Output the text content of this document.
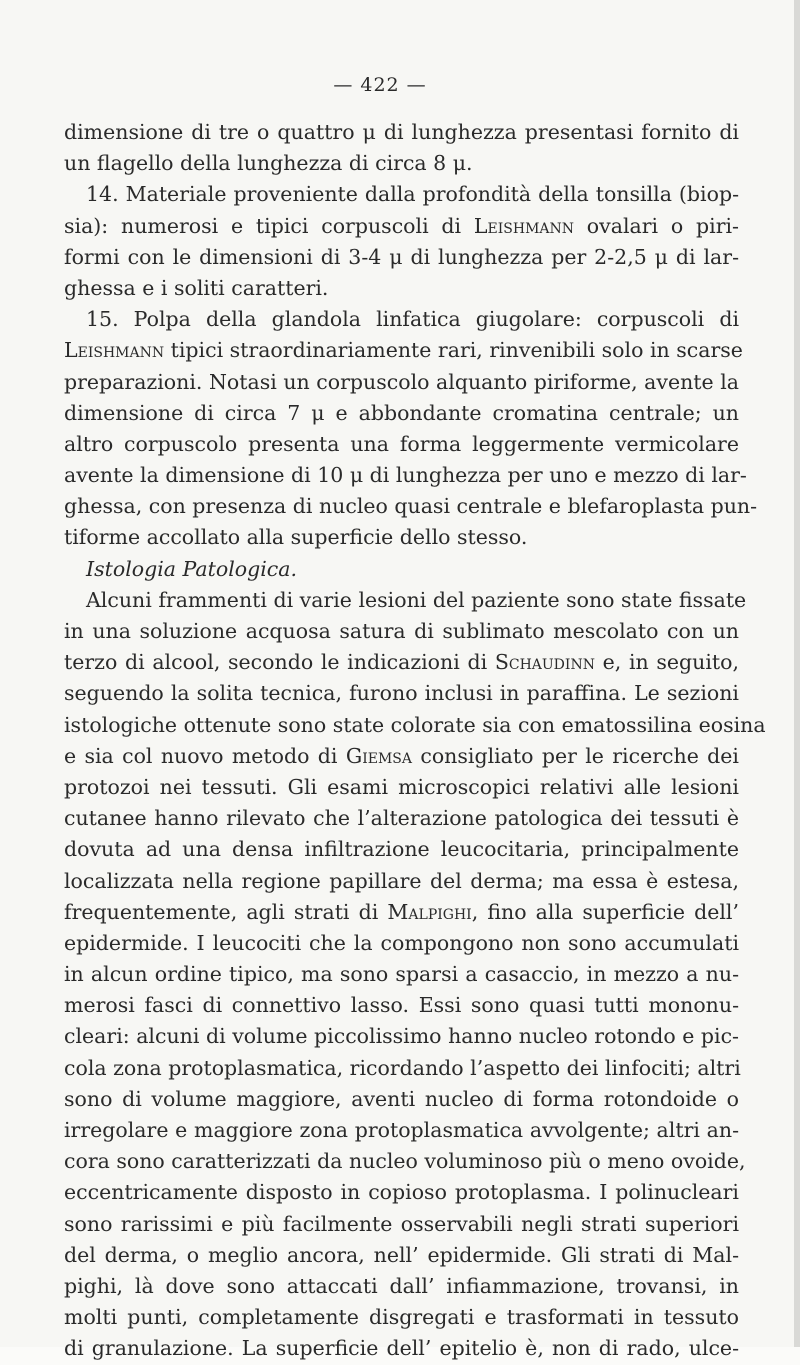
— 422 —
dimensione di tre o quattro μ di lunghezza presentasi fornito di
un flagello della lunghezza di circa 8 μ.
14. Materiale proveniente dalla profondità della tonsilla (biop-
sia): numerosi e tipici corpuscoli di Leishmann ovalari o piri-
formi con le dimensioni di 3-4 μ di lunghezza per 2-2,5 μ di lar-
ghessa e i soliti caratteri.
15. Polpa della glandola linfatica giugolare: corpuscoli di
Leishmann tipici straordinariamente rari, rinvenibili solo in scarse
preparazioni. Notasi un corpuscolo alquanto piriforme, avente la
dimensione di circa 7 μ e abbondante cromatina centrale; un
altro corpuscolo presenta una forma leggermente vermicolare
avente la dimensione di 10 μ di lunghezza per uno e mezzo di lar-
ghessa, con presenza di nucleo quasi centrale e blefaroplasta pun-
tiforme accollato alla superficie dello stesso.
Istologia Patologica.
Alcuni frammenti di varie lesioni del paziente sono state fissate
in una soluzione acquosa satura di sublimato mescolato con un
terzo di alcool, secondo le indicazioni di Schaudinn e, in seguito,
seguendo la solita tecnica, furono inclusi in paraffina. Le sezioni
istologiche ottenute sono state colorate sia con ematossilina eosina
e sia col nuovo metodo di Giemsa consigliato per le ricerche dei
protozoi nei tessuti. Gli esami microscopici relativi alle lesioni
cutanee hanno rilevato che l’alterazione patologica dei tessuti è
dovuta ad una densa infiltrazione leucocitaria, principalmente
localizzata nella regione papillare del derma; ma essa è estesa,
frequentemente, agli strati di Malpighi, fino alla superficie dell’
epidermide. I leucociti che la compongono non sono accumulati
in alcun ordine tipico, ma sono sparsi a casaccio, in mezzo a nu-
merosi fasci di connettivo lasso. Essi sono quasi tutti mononu-
cleari: alcuni di volume piccolissimo hanno nucleo rotondo e pic-
cola zona protoplasmatica, ricordando l’aspetto dei linfociti; altri
sono di volume maggiore, aventi nucleo di forma rotondoide o
irregolare e maggiore zona protoplasmatica avvolgente; altri an-
cora sono caratterizzati da nucleo voluminoso più o meno ovoide,
eccentricamente disposto in copioso protoplasma. I polinucleari
sono rarissimi e più facilmente osservabili negli strati superiori
del derma, o meglio ancora, nell’ epidermide. Gli strati di Mal-
pighi, là dove sono attaccati dall’ infiammazione, trovansi, in
molti punti, completamente disgregati e trasformati in tessuto
di granulazione. La superficie dell’ epitelio è, non di rado, ulce-
